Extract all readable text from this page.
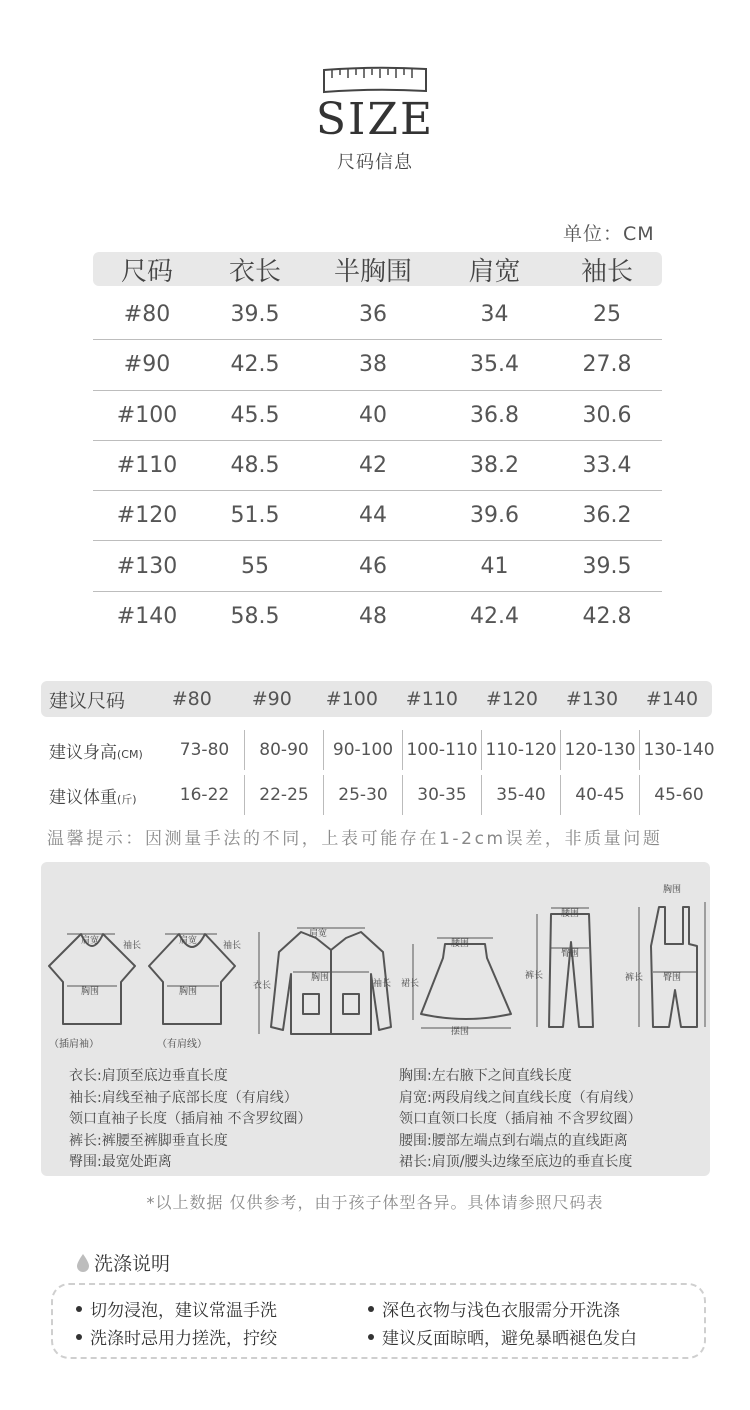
SIZE
尺码信息
单位：CM
尺码	衣长	半胸围	肩宽	袖长
#80	39.5	36	34	25
#90	42.5	38	35.4	27.8
#100	45.5	40	36.8	30.6
#110	48.5	42	38.2	33.4
#120	51.5	44	39.6	36.2
#130	55	46	41	39.5
#140	58.5	48	42.4	42.8
建议尺码	#80	#90	#100	#110	#120	#130	#140
建议身高(CM)	73-80	80-90	90-100 100-110 110-120 120-130 130-140
建议体重(斤)	16-22	22-25	25-30	30-35	35-40	40-45	45-60
温馨提示：因测量手法的不同，上表可能存在1-2cm误差，非质量问题
肩宽
胸围
袖长	肩宽
胸围
袖长
肩宽
胸围
衣长	袖长
腰围
裙长
摆围
腰围
臀围
裤长
胸围
臀围
裤长
（插肩袖）	（有肩线）
衣长:肩顶至底边垂直长度
袖长:肩线至袖子底部长度（有肩线）
领口直袖子长度（插肩袖 不含罗纹圈）
裤长:裤腰至裤脚垂直长度
臀围:最宽处距离
胸围:左右腋下之间直线长度
肩宽:两段肩线之间直线长度（有肩线）
领口直领口长度（插肩袖 不含罗纹圈）
腰围:腰部左端点到右端点的直线距离
裙长:肩顶/腰头边缘至底边的垂直长度
*以上数据 仅供参考，由于孩子体型各异。具体请参照尺码表
洗涤说明
切勿浸泡，建议常温手洗	深色衣物与浅色衣服需分开洗涤
洗涤时忌用力搓洗，拧绞	建议反面晾晒，避免暴晒褪色发白
